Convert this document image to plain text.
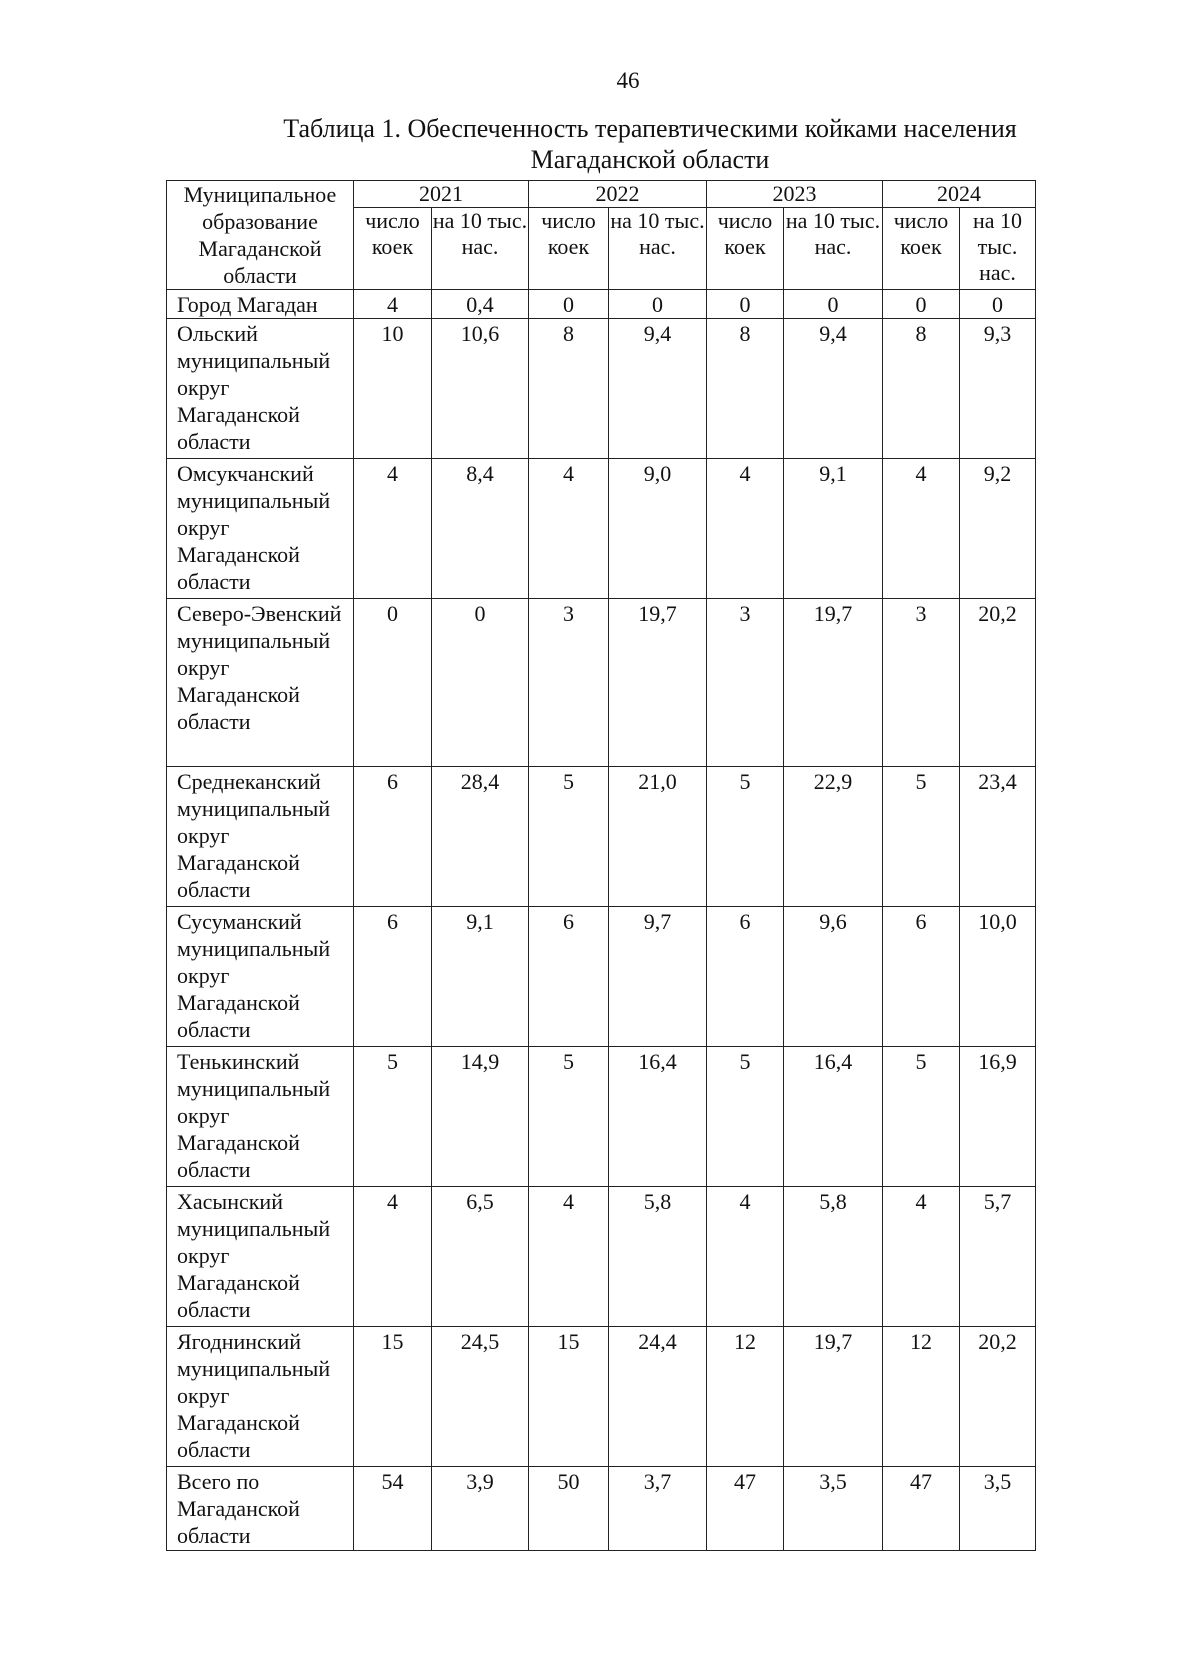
46
Таблица 1. Обеспеченность терапевтическими койками населения
Магаданской области
Муниципальное образование Магаданской области	2021		2022		2023		2024	
	число коек	на 10 тыс. нас.	число коек	на 10 тыс. нас.	число коек	на 10 тыс. нас.	число коек	на 10 тыс. нас.
Город Магадан	4	0,4	0	0	0	0	0	0
Ольский муниципальный округ Магаданской области	10	10,6	8	9,4	8	9,4	8	9,3
Омсукчанский муниципальный округ Магаданской области	4	8,4	4	9,0	4	9,1	4	9,2
Северо-Эвенский муниципальный округ Магаданской области	0	0	3	19,7	3	19,7	3	20,2
Среднеканский муниципальный округ Магаданской области	6	28,4	5	21,0	5	22,9	5	23,4
Сусуманский муниципальный округ Магаданской области	6	9,1	6	9,7	6	9,6	6	10,0
Тенькинский муниципальный округ Магаданской области	5	14,9	5	16,4	5	16,4	5	16,9
Хасынский муниципальный округ Магаданской области	4	6,5	4	5,8	4	5,8	4	5,7
Ягоднинский муниципальный округ Магаданской области	15	24,5	15	24,4	12	19,7	12	20,2
Всего по Магаданской области	54	3,9	50	3,7	47	3,5	47	3,5
